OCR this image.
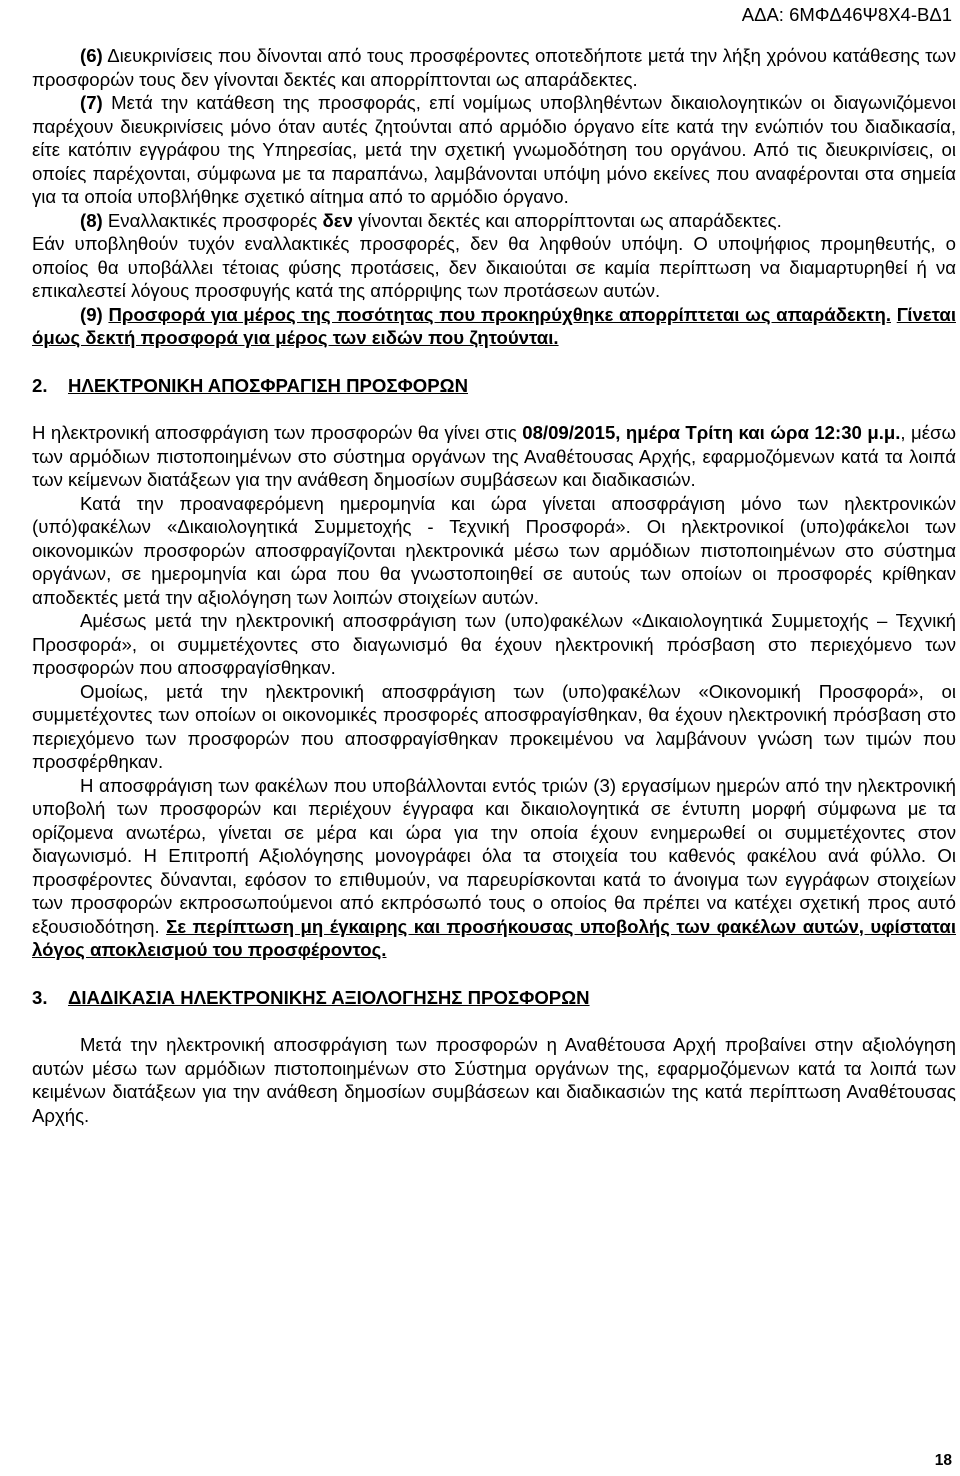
ΑΔΑ: 6ΜΦΔ46Ψ8Χ4-ΒΔ1

(6) Διευκρινίσεις που δίνονται από τους προσφέροντες οποτεδήποτε μετά την λήξη χρόνου κατάθεσης των προσφορών τους δεν γίνονται δεκτές και απορρίπτονται ως απαράδεκτες.

(7) Μετά την κατάθεση της προσφοράς, επί νομίμως υποβληθέντων δικαιολογητικών οι διαγωνιζόμενοι παρέχουν διευκρινίσεις μόνο όταν αυτές ζητούνται από αρμόδιο όργανο είτε κατά την ενώπιόν του διαδικασία, είτε κατόπιν εγγράφου της Υπηρεσίας, μετά την σχετική γνωμοδότηση του οργάνου. Από τις διευκρινίσεις, οι οποίες παρέχονται, σύμφωνα με τα παραπάνω, λαμβάνονται υπόψη μόνο εκείνες που αναφέρονται στα σημεία για τα οποία υποβλήθηκε σχετικό αίτημα από το αρμόδιο όργανο.

(8) Εναλλακτικές προσφορές δεν γίνονται δεκτές και απορρίπτονται ως απαράδεκτες.

Εάν υποβληθούν τυχόν εναλλακτικές προσφορές, δεν θα ληφθούν υπόψη. Ο υποψήφιος προμηθευτής, ο οποίος θα υποβάλλει τέτοιας φύσης προτάσεις, δεν δικαιούται σε καμία περίπτωση να διαμαρτυρηθεί ή να επικαλεστεί λόγους προσφυγής κατά της απόρριψης των προτάσεων αυτών.

(9) Προσφορά για μέρος της ποσότητας που προκηρύχθηκε απορρίπτεται ως απαράδεκτη. Γίνεται όμως δεκτή προσφορά για μέρος των ειδών που ζητούνται.

2.	ΗΛΕΚΤΡΟΝΙΚΗ ΑΠΟΣΦΡΑΓΙΣΗ ΠΡΟΣΦΟΡΩΝ

Η ηλεκτρονική αποσφράγιση των προσφορών θα γίνει στις 08/09/2015, ημέρα Τρίτη και ώρα 12:30 μ.μ., μέσω των αρμόδιων πιστοποιημένων στο σύστημα οργάνων της Αναθέτουσας Αρχής, εφαρμοζόμενων κατά τα λοιπά των κείμενων διατάξεων για την ανάθεση δημοσίων συμβάσεων και διαδικασιών.

Κατά την προαναφερόμενη ημερομηνία και ώρα γίνεται αποσφράγιση μόνο των ηλεκτρονικών (υπό)φακέλων «Δικαιολογητικά Συμμετοχής - Τεχνική Προσφορά». Οι ηλεκτρονικοί (υπο)φάκελοι των οικονομικών προσφορών αποσφραγίζονται ηλεκτρονικά μέσω των αρμόδιων πιστοποιημένων στο σύστημα οργάνων, σε ημερομηνία και ώρα που θα γνωστοποιηθεί σε αυτούς των οποίων οι προσφορές κρίθηκαν αποδεκτές μετά την αξιολόγηση των λοιπών στοιχείων αυτών.

Αμέσως μετά την ηλεκτρονική αποσφράγιση των (υπο)φακέλων «Δικαιολογητικά Συμμετοχής – Τεχνική Προσφορά», οι συμμετέχοντες στο διαγωνισμό θα έχουν ηλεκτρονική πρόσβαση στο περιεχόμενο των προσφορών που αποσφραγίσθηκαν.

Ομοίως, μετά την ηλεκτρονική αποσφράγιση των (υπο)φακέλων «Οικονομική Προσφορά», οι συμμετέχοντες των οποίων οι οικονομικές προσφορές αποσφραγίσθηκαν, θα έχουν ηλεκτρονική πρόσβαση στο περιεχόμενο των προσφορών που αποσφραγίσθηκαν προκειμένου να λαμβάνουν γνώση των τιμών που προσφέρθηκαν.

Η αποσφράγιση των φακέλων που υποβάλλονται εντός τριών (3) εργασίμων ημερών από την ηλεκτρονική υποβολή των προσφορών και περιέχουν έγγραφα και δικαιολογητικά σε έντυπη μορφή σύμφωνα με τα ορίζομενα ανωτέρω, γίνεται σε μέρα και ώρα για την οποία έχουν ενημερωθεί οι συμμετέχοντες στον διαγωνισμό. Η Επιτροπή Αξιολόγησης μονογράφει όλα τα στοιχεία του καθενός φακέλου ανά φύλλο. Οι προσφέροντες δύνανται, εφόσον το επιθυμούν, να παρευρίσκονται κατά το άνοιγμα των εγγράφων στοιχείων των προσφορών εκπροσωπούμενοι από εκπρόσωπό τους ο οποίος θα πρέπει να κατέχει σχετική προς αυτό εξουσιοδότηση. Σε περίπτωση μη έγκαιρης και προσήκουσας υποβολής των φακέλων αυτών, υφίσταται λόγος αποκλεισμού του προσφέροντος.

3.	ΔΙΑΔΙΚΑΣΙΑ ΗΛΕΚΤΡΟΝΙΚΗΣ ΑΞΙΟΛΟΓΗΣΗΣ ΠΡΟΣΦΟΡΩΝ

Μετά την ηλεκτρονική αποσφράγιση των προσφορών η Αναθέτουσα Αρχή προβαίνει στην αξιολόγηση αυτών μέσω των αρμόδιων πιστοποιημένων στο Σύστημα οργάνων της, εφαρμοζόμενων κατά τα λοιπά των κειμένων διατάξεων για την ανάθεση δημοσίων συμβάσεων και διαδικασιών της κατά περίπτωση Αναθέτουσας Αρχής.

18
